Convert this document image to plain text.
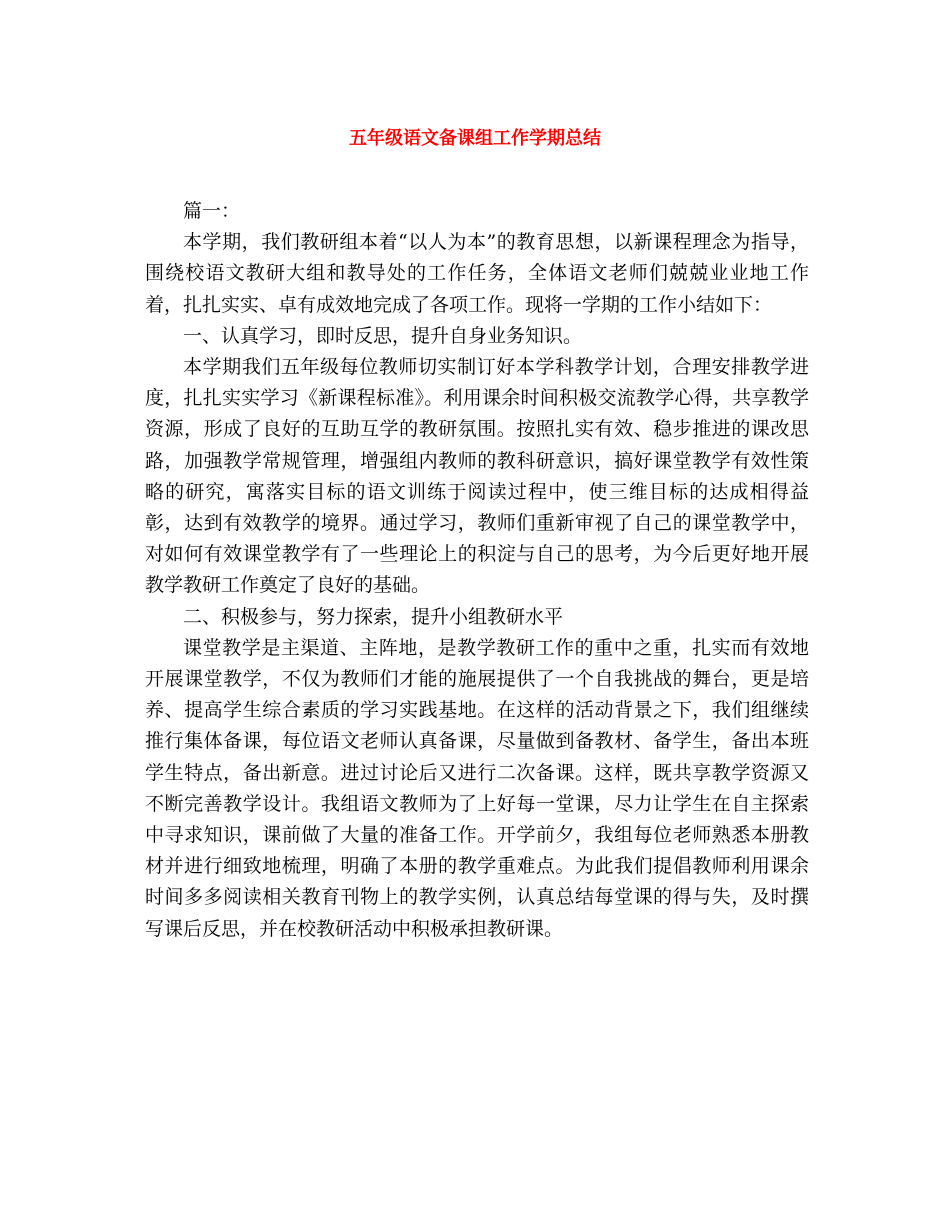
五年级语文备课组工作学期总结

篇一：

本学期，我们教研组本着“以人为本”的教育思想，以新课程理念为指导，围绕校语文教研大组和教导处的工作任务，全体语文老师们兢兢业业地工作着，扎扎实实、卓有成效地完成了各项工作。现将一学期的工作小结如下：

一、认真学习，即时反思，提升自身业务知识。

本学期我们五年级每位教师切实制订好本学科教学计划，合理安排教学进度，扎扎实实学习《新课程标准》。利用课余时间积极交流教学心得，共享教学资源，形成了良好的互助互学的教研氛围。按照扎实有效、稳步推进的课改思路，加强教学常规管理，增强组内教师的教科研意识，搞好课堂教学有效性策略的研究，寓落实目标的语文训练于阅读过程中，使三维目标的达成相得益彰，达到有效教学的境界。通过学习，教师们重新审视了自己的课堂教学中，对如何有效课堂教学有了一些理论上的积淀与自己的思考，为今后更好地开展教学教研工作奠定了良好的基础。

二、积极参与，努力探索，提升小组教研水平

课堂教学是主渠道、主阵地，是教学教研工作的重中之重，扎实而有效地开展课堂教学，不仅为教师们才能的施展提供了一个自我挑战的舞台，更是培养、提高学生综合素质的学习实践基地。在这样的活动背景之下，我们组继续推行集体备课，每位语文老师认真备课，尽量做到备教材、备学生，备出本班学生特点，备出新意。进过讨论后又进行二次备课。这样，既共享教学资源又不断完善教学设计。我组语文教师为了上好每一堂课，尽力让学生在自主探索中寻求知识，课前做了大量的准备工作。开学前夕，我组每位老师熟悉本册教材并进行细致地梳理，明确了本册的教学重难点。为此我们提倡教师利用课余时间多多阅读相关教育刊物上的教学实例，认真总结每堂课的得与失，及时撰写课后反思，并在校教研活动中积极承担教研课。
